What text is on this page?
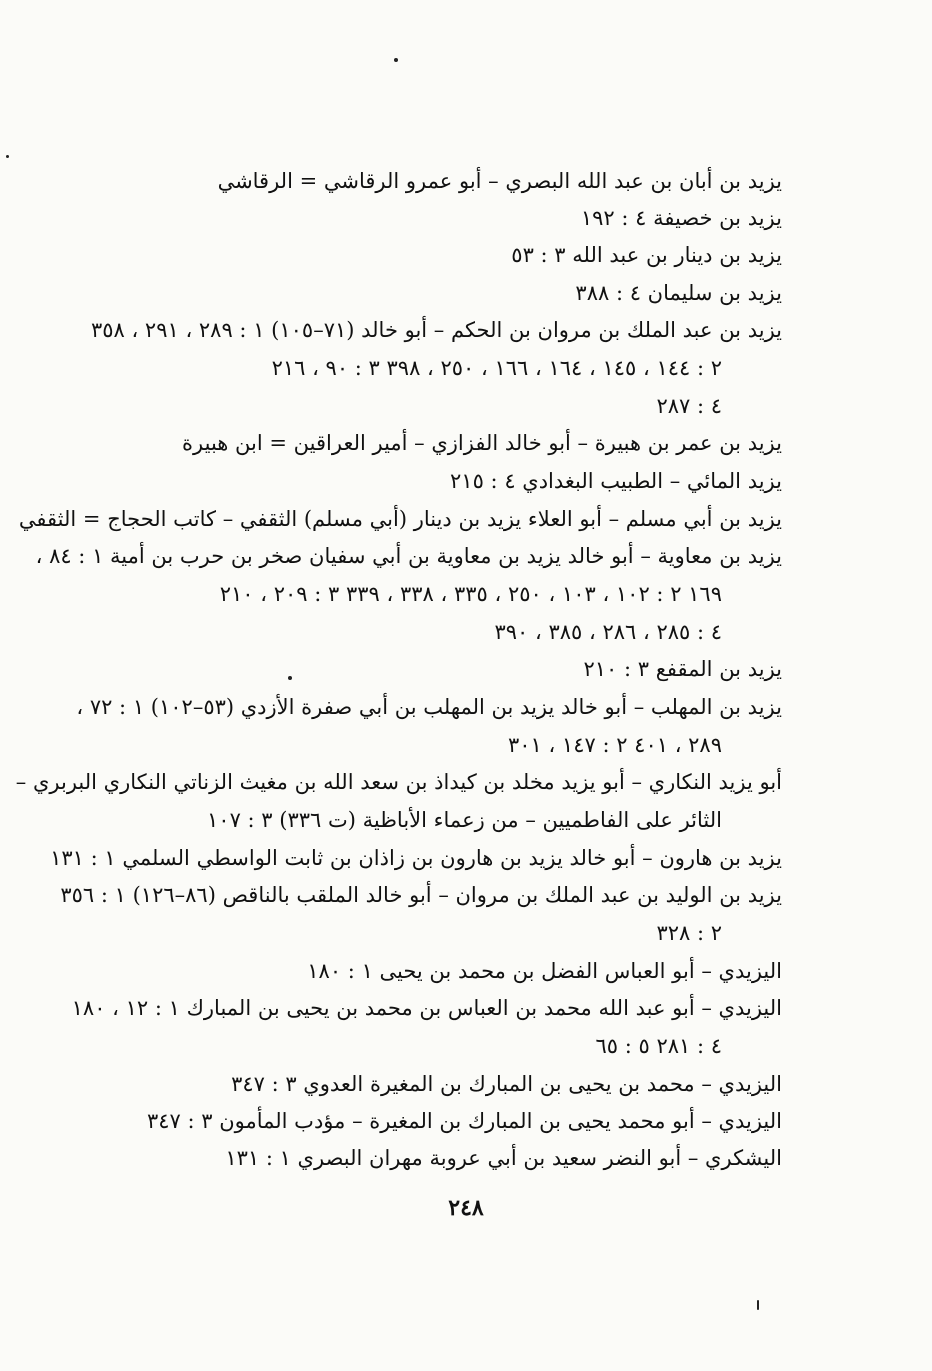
يزيد بن أبان بن عبد الله البصري – أبو عمرو الرقاشي = الرقاشي
يزيد بن خصيفة ٤ : ١٩٢
يزيد بن دينار بن عبد الله ٣ : ٥٣
يزيد بن سليمان ٤ : ٣٨٨
يزيد بن عبد الملك بن مروان بن الحكم – أبو خالد (٧١–١٠٥) ١ : ٢٨٩ ، ٢٩١ ، ٣٥٨
٢ : ١٤٤ ، ١٤٥ ، ١٦٤ ، ١٦٦ ، ٢٥٠ ، ٣٩٨ ٣ : ٩٠ ، ٢١٦
٤ : ٢٨٧
يزيد بن عمر بن هبيرة – أبو خالد الفزازي – أمير العراقين = ابن هبيرة
يزيد المائي – الطبيب البغدادي ٤ : ٢١٥
يزيد بن أبي مسلم – أبو العلاء يزيد بن دينار (أبي مسلم) الثقفي – كاتب الحجاج = الثقفي
يزيد بن معاوية – أبو خالد يزيد بن معاوية بن أبي سفيان صخر بن حرب بن أمية ١ : ٨٤ ،
١٦٩ ٢ : ١٠٢ ، ١٠٣ ، ٢٥٠ ، ٣٣٥ ، ٣٣٨ ، ٣٣٩ ٣ : ٢٠٩ ، ٢١٠
٤ : ٢٨٥ ، ٢٨٦ ، ٣٨٥ ، ٣٩٠
يزيد بن المقفع ٣ : ٢١٠
يزيد بن المهلب – أبو خالد يزيد بن المهلب بن أبي صفرة الأزدي (٥٣–١٠٢) ١ : ٧٢ ،
٢٨٩ ، ٤٠١ ٢ : ١٤٧ ، ٣٠١
أبو يزيد النكاري – أبو يزيد مخلد بن كيداذ بن سعد الله بن مغيث الزناتي النكاري البربري –
الثائر على الفاطميين – من زعماء الأباظية (ت ٣٣٦) ٣ : ١٠٧
يزيد بن هارون – أبو خالد يزيد بن هارون بن زاذان بن ثابت الواسطي السلمي ١ : ١٣١
يزيد بن الوليد بن عبد الملك بن مروان – أبو خالد الملقب بالناقص (٨٦–١٢٦) ١ : ٣٥٦
٢ : ٣٢٨
اليزيدي – أبو العباس الفضل بن محمد بن يحيى ١ : ١٨٠
اليزيدي – أبو عبد الله محمد بن العباس بن محمد بن يحيى بن المبارك ١ : ١٢ ، ١٨٠
٤ : ٢٨١ ٥ : ٦٥
اليزيدي – محمد بن يحيى بن المبارك بن المغيرة العدوي ٣ : ٣٤٧
اليزيدي – أبو محمد يحيى بن المبارك بن المغيرة – مؤدب المأمون ٣ : ٣٤٧
اليشكري – أبو النضر سعيد بن أبي عروبة مهران البصري ١ : ١٣١
٢٤٨
